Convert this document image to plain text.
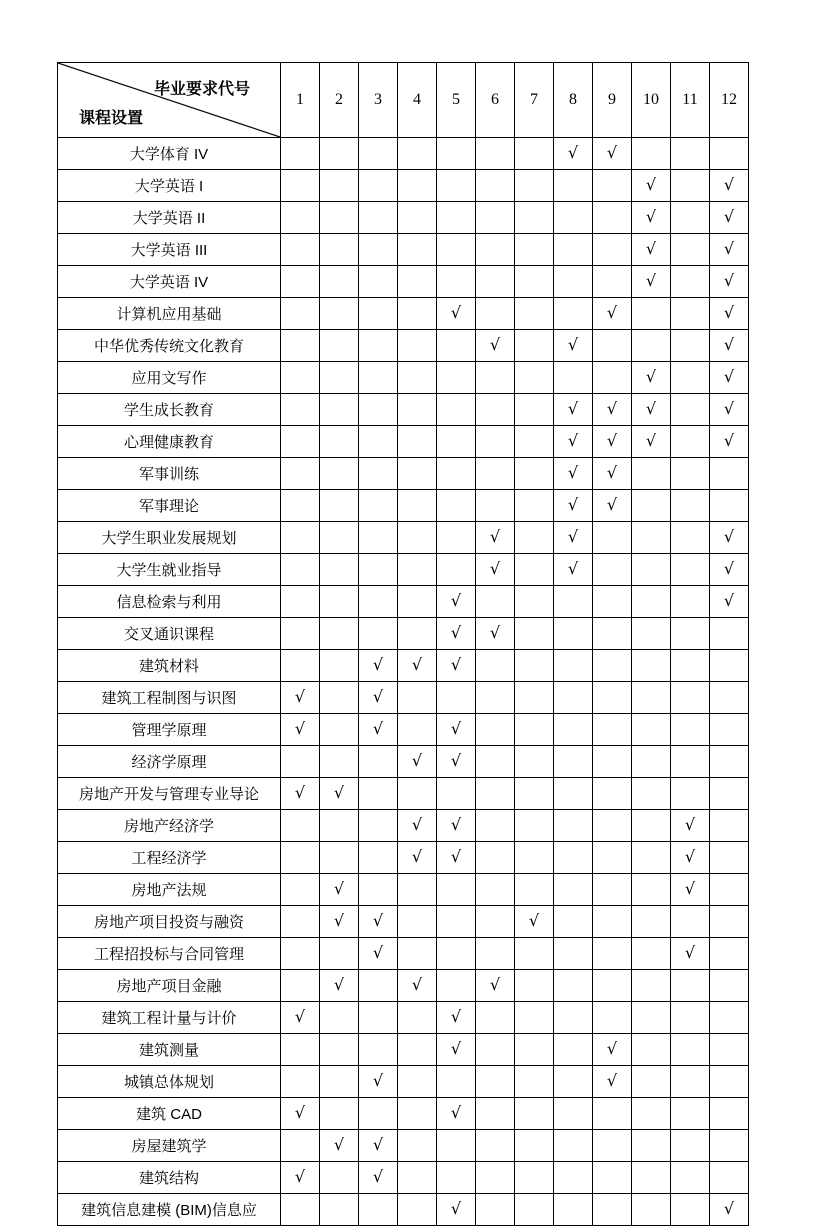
毕业要求代号
课程设置	1	2	3	4	5	6	7	8	9	10	11	12
大学体育 IV								√	√			
大学英语 I										√		√
大学英语 II										√		√
大学英语 III										√		√
大学英语 IV										√		√
计算机应用基础					√				√			√
中华优秀传统文化教育						√		√				√
应用文写作										√		√
学生成长教育								√	√	√		√
心理健康教育								√	√	√		√
军事训练								√	√			
军事理论								√	√			
大学生职业发展规划						√		√				√
大学生就业指导						√		√				√
信息检索与利用					√							√
交叉通识课程					√	√						
建筑材料			√	√	√							
建筑工程制图与识图	√		√									
管理学原理	√		√		√							
经济学原理				√	√							
房地产开发与管理专业导论	√	√										
房地产经济学				√	√						√	
工程经济学				√	√						√	
房地产法规		√									√	
房地产项目投资与融资		√	√				√					
工程招投标与合同管理			√								√	
房地产项目金融		√		√		√						
建筑工程计量与计价	√				√							
建筑测量					√				√			
城镇总体规划			√						√			
建筑 CAD	√				√							
房屋建筑学		√	√									
建筑结构	√		√									
建筑信息建模 (BIM)信息应					√							√
